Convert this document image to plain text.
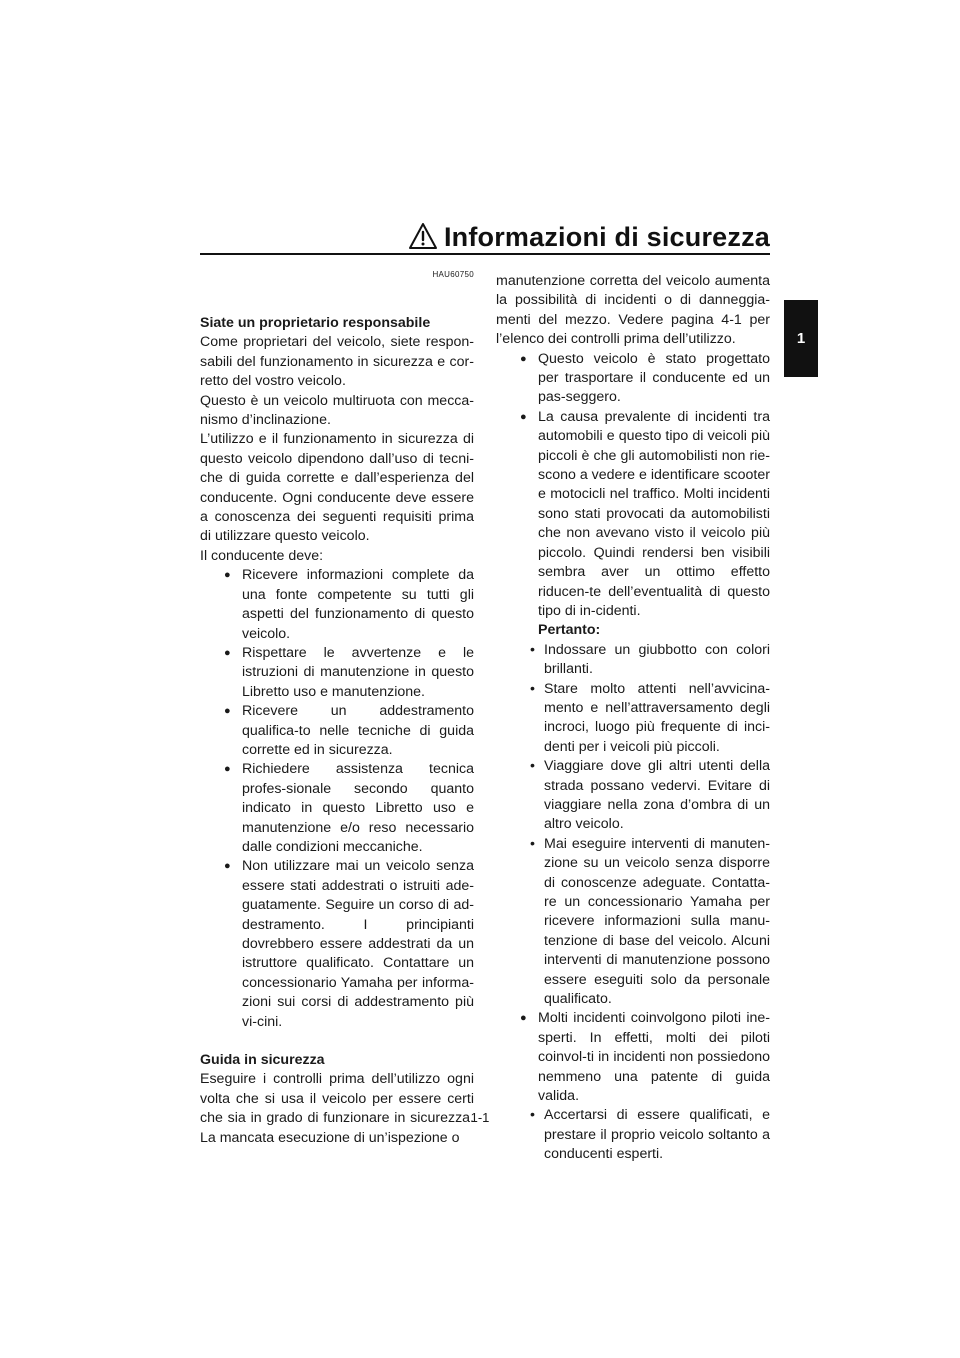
Informazioni di sicurezza
1
HAU60750
Siate un proprietario responsabile
Come proprietari del veicolo, siete respon-sabili del funzionamento in sicurezza e cor-retto del vostro veicolo.
Questo è un veicolo multiruota con mecca-nismo d’inclinazione.
L’utilizzo e il funzionamento in sicurezza di questo veicolo dipendono dall’uso di tecni-che di guida corrette e dall’esperienza del conducente. Ogni conducente deve essere a conoscenza dei seguenti requisiti prima di utilizzare questo veicolo.
Il conducente deve:
● Ricevere informazioni complete da una fonte competente su tutti gli aspetti del funzionamento di questo veicolo.
● Rispettare le avvertenze e le istruzioni di manutenzione in questo Libretto uso e manutenzione.
● Ricevere un addestramento qualifica-to nelle tecniche di guida corrette ed in sicurezza.
● Richiedere assistenza tecnica profes-sionale secondo quanto indicato in questo Libretto uso e manutenzione e/o reso necessario dalle condizioni meccaniche.
● Non utilizzare mai un veicolo senza essere stati addestrati o istruiti ade-guatamente. Seguire un corso di ad-destramento. I principianti dovrebbero essere addestrati da un istruttore qualificato. Contattare un concessionario Yamaha per informa-zioni sui corsi di addestramento più vi-cini.
Guida in sicurezza
Eseguire i controlli prima dell’utilizzo ogni volta che si usa il veicolo per essere certi che sia in grado di funzionare in sicurezza. La mancata esecuzione di un’ispezione o
manutenzione corretta del veicolo aumenta la possibilità di incidenti o di danneggia-menti del mezzo. Vedere pagina 4-1 per l’elenco dei controlli prima dell’utilizzo.
● Questo veicolo è stato progettato per trasportare il conducente ed un pas-seggero.
● La causa prevalente di incidenti tra automobili e questo tipo di veicoli più piccoli è che gli automobilisti non rie-scono a vedere e identificare scooter e motocicli nel traffico. Molti incidenti sono stati provocati da automobilisti che non avevano visto il veicolo più piccolo. Quindi rendersi ben visibili sembra aver un ottimo effetto riducen-te dell’eventualità di questo tipo di in-cidenti.
Pertanto:
• Indossare un giubbotto con colori brillanti.
• Stare molto attenti nell’avvicina-mento e nell’attraversamento degli incroci, luogo più frequente di inci-denti per i veicoli più piccoli.
• Viaggiare dove gli altri utenti della strada possano vedervi. Evitare di viaggiare nella zona d’ombra di un altro veicolo.
• Mai eseguire interventi di manuten-zione su un veicolo senza disporre di conoscenze adeguate. Contatta-re un concessionario Yamaha per ricevere informazioni sulla manu-tenzione di base del veicolo. Alcuni interventi di manutenzione possono essere eseguiti solo da personale qualificato.
● Molti incidenti coinvolgono piloti ine-sperti. In effetti, molti dei piloti coinvol-ti in incidenti non possiedono nemmeno una patente di guida valida.
• Accertarsi di essere qualificati, e prestare il proprio veicolo soltanto a conducenti esperti.
1-1
